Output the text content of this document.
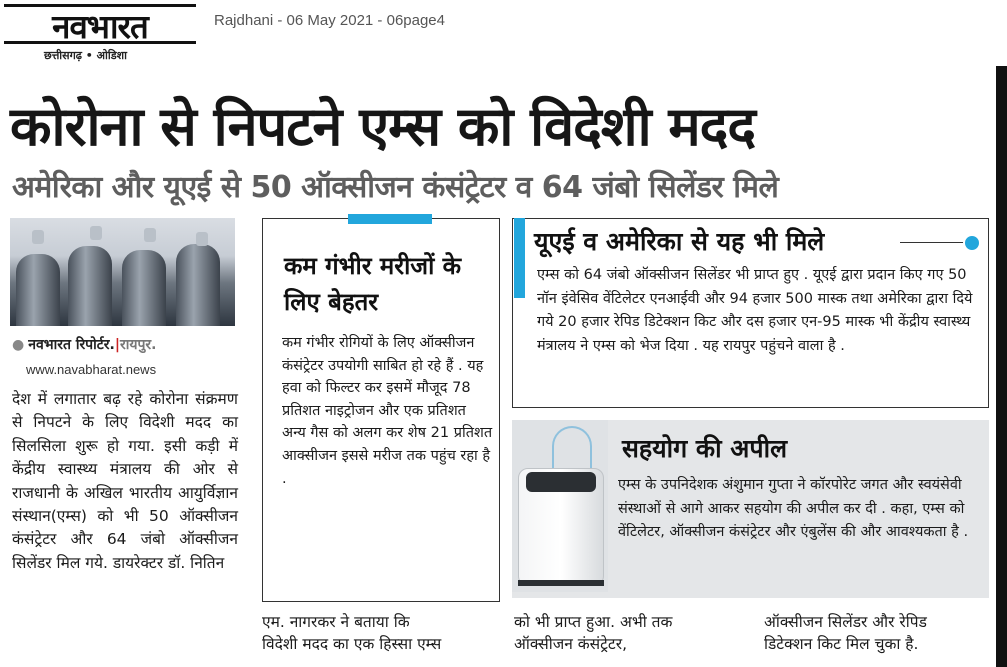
नवभारत
छत्तीसगढ़ • ओडिशा
Rajdhani - 06 May 2021 - 06page4
कोरोना से निपटने एम्स को विदेशी मदद
अमेरिका और यूएई से 50 ऑक्सीजन कंसंट्रेटर व 64 जंबो सिलेंडर मिले
● नवभारत रिपोर्टर.|रायपुर.
www.navabharat.news
देश में लगातार बढ़ रहे कोरोना संक्रमण से निपटने के लिए विदेशी मदद का सिलसिला शुरू हो गया. इसी कड़ी में केंद्रीय स्वास्थ्य मंत्रालय की ओर से राजधानी के अखिल भारतीय आयुर्विज्ञान संस्थान(एम्स) को भी 50 ऑक्सीजन कंसंट्रेटर और 64 जंबो ऑक्सीजन सिलेंडर मिल गये. डायरेक्टर डॉ. नितिन
कम गंभीर मरीजों के लिए बेहतर
कम गंभीर रोगियों के लिए ऑक्सीजन कंसंट्रेटर उपयोगी साबित हो रहे हैं . यह हवा को फिल्टर कर इसमें मौजूद 78 प्रतिशत नाइट्रोजन और एक प्रतिशत अन्य गैस को अलग कर शेष 21 प्रतिशत आक्सीजन इससे मरीज तक पहुंच रहा है .
यूएई व अमेरिका से यह भी मिले
एम्स को 64 जंबो ऑक्सीजन सिलेंडर भी प्राप्त हुए . यूएई द्वारा प्रदान किए गए 50 नॉन इंवेसिव वेंटिलेटर एनआईवी और 94 हजार 500 मास्क तथा अमेरिका द्वारा दिये गये 20 हजार रेपिड डिटेक्शन किट और दस हजार एन-95 मास्क भी केंद्रीय स्वास्थ्य मंत्रालय ने एम्स को भेज दिया . यह रायपुर पहुंचने वाला है .
सहयोग की अपील
एम्स के उपनिदेशक अंशुमान गुप्ता ने कॉरपोरेट जगत और स्वयंसेवी संस्थाओं से आगे आकर सहयोग की अपील कर दी . कहा, एम्स को वेंटिलेटर, ऑक्सीजन कंसंट्रेटर और एंबुलेंस की और आवश्यकता है .
एम. नागरकर ने बताया कि
विदेशी मदद का एक हिस्सा एम्स
को भी प्राप्त हुआ. अभी तक
ऑक्सीजन कंसंट्रेटर,
ऑक्सीजन सिलेंडर और रेपिड
डिटेक्शन किट मिल चुका है.
